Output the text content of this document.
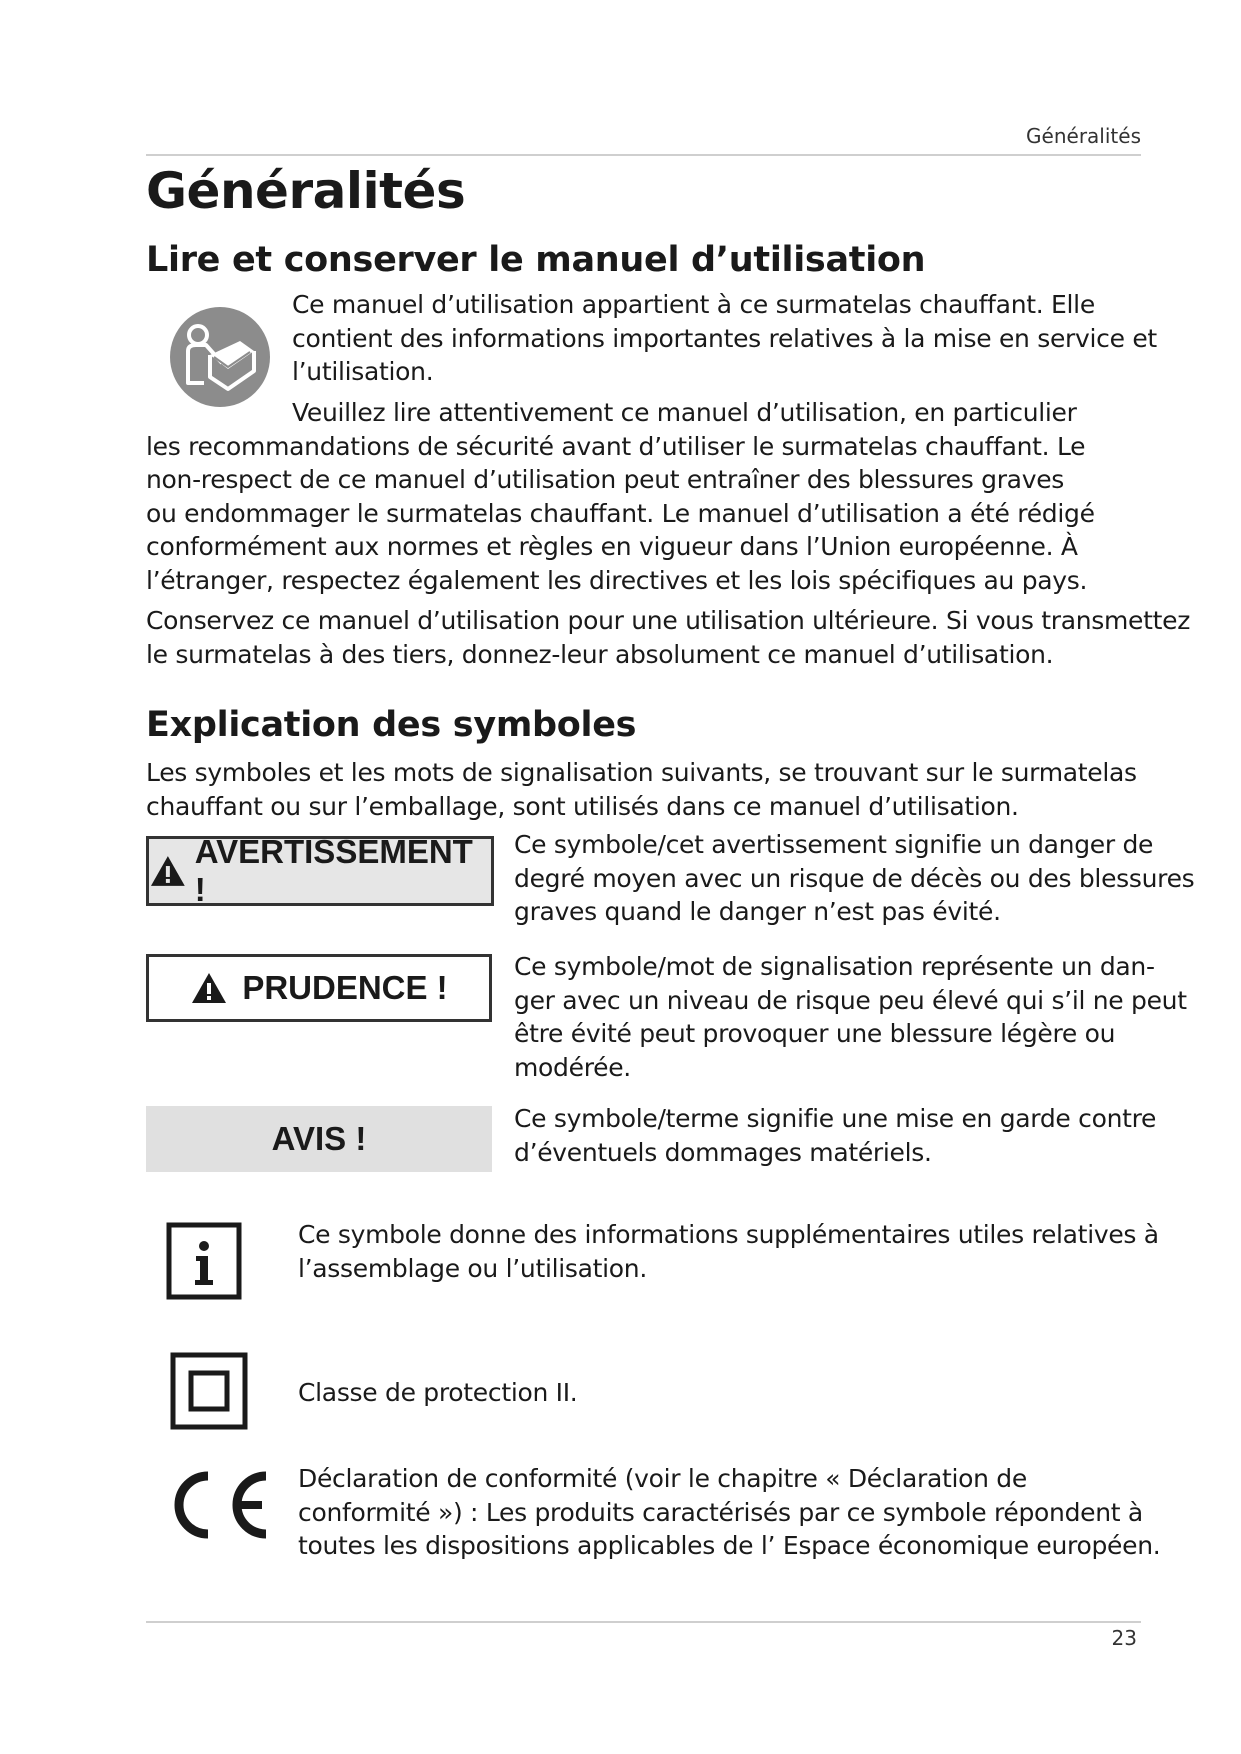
Généralités
Généralités
Lire et conserver le manuel d’utilisation
Ce manuel d’utilisation appartient à ce surmatelas chauffant. Elle
contient des informations importantes relatives à la mise en service et
l’utilisation.
Veuillez lire attentivement ce manuel d’utilisation, en particulier
les recommandations de sécurité avant d’utiliser le surmatelas chauffant. Le
non-respect de ce manuel d’utilisation peut entraîner des blessures graves
ou endommager le surmatelas chauffant. Le manuel d’utilisation a été rédigé
conformément aux normes et règles en vigueur dans l’Union européenne. À
l’étranger, respectez également les directives et les lois spécifiques au pays.
Conservez ce manuel d’utilisation pour une utilisation ultérieure. Si vous transmettez
le surmatelas à des tiers, donnez-leur absolument ce manuel d’utilisation.
Explication des symboles
Les symboles et les mots de signalisation suivants, se trouvant sur le surmatelas
chauffant ou sur l’emballage, sont utilisés dans ce manuel d’utilisation.
AVERTISSEMENT !
Ce symbole/cet avertissement signifie un danger de
degré moyen avec un risque de décès ou des blessures
graves quand le danger n’est pas évité.
PRUDENCE !
Ce symbole/mot de signalisation représente un dan-
ger avec un niveau de risque peu élevé qui s’il ne peut
être évité peut provoquer une blessure légère ou
modérée.
AVIS !
Ce symbole/terme signifie une mise en garde contre
d’éventuels dommages matériels.
Ce symbole donne des informations supplémentaires utiles relatives à
l’assemblage ou l’utilisation.
Classe de protection II.
Déclaration de conformité (voir le chapitre « Déclaration de
conformité ») : Les produits caractérisés par ce symbole répondent à
toutes les dispositions applicables de l’ Espace économique européen.
23
